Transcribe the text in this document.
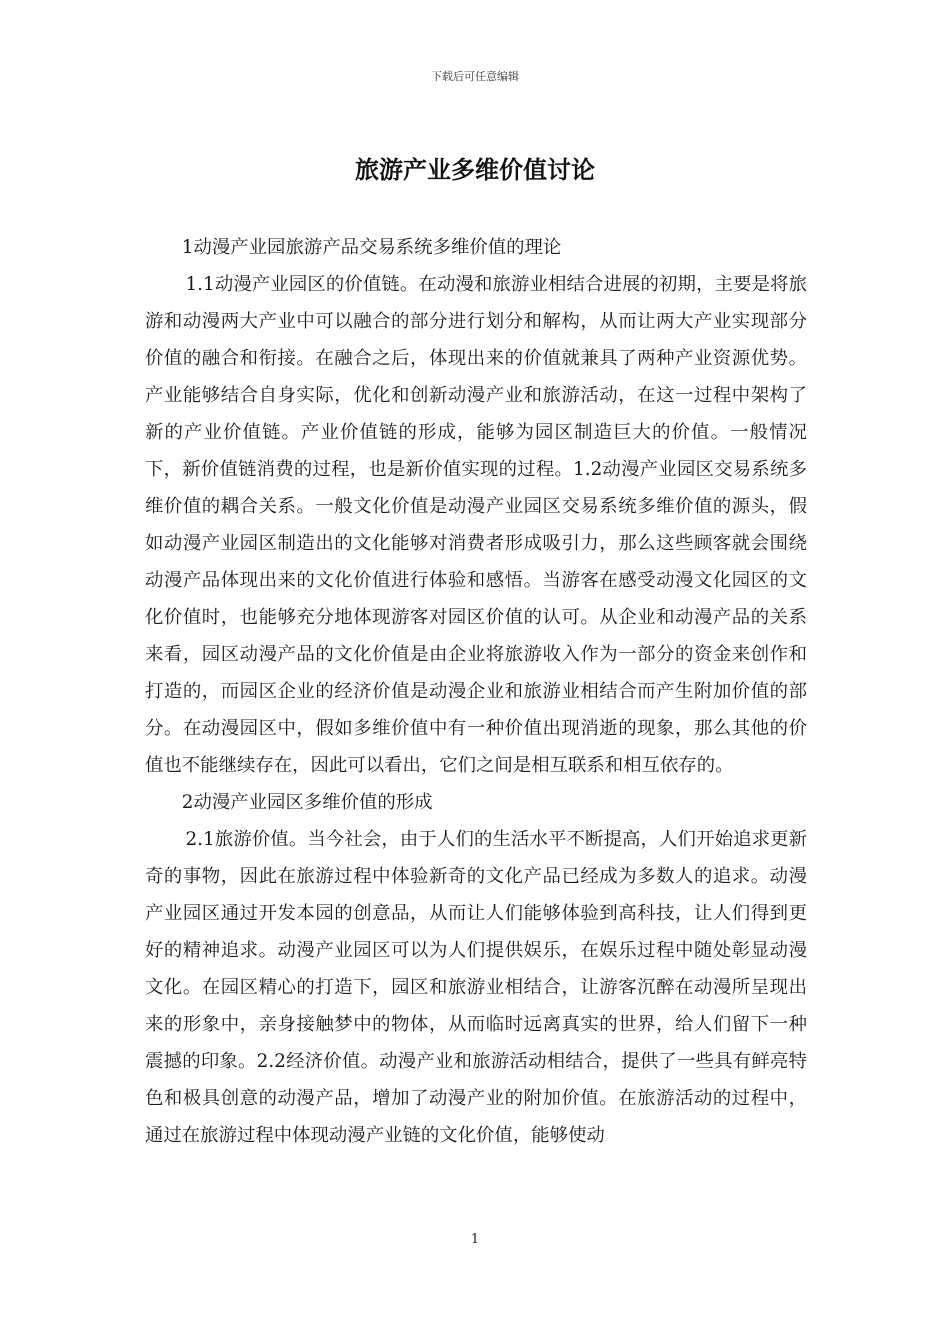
下载后可任意编辑
旅游产业多维价值讨论

1动漫产业园旅游产品交易系统多维价值的理论

1.1动漫产业园区的价值链。在动漫和旅游业相结合进展的初期，主要是将旅游和动漫两大产业中可以融合的部分进行划分和解构，从而让两大产业实现部分价值的融合和衔接。在融合之后，体现出来的价值就兼具了两种产业资源优势。产业能够结合自身实际，优化和创新动漫产业和旅游活动，在这一过程中架构了新的产业价值链。产业价值链的形成，能够为园区制造巨大的价值。一般情况下，新价值链消费的过程，也是新价值实现的过程。1.2动漫产业园区交易系统多维价值的耦合关系。一般文化价值是动漫产业园区交易系统多维价值的源头，假如动漫产业园区制造出的文化能够对消费者形成吸引力，那么这些顾客就会围绕动漫产品体现出来的文化价值进行体验和感悟。当游客在感受动漫文化园区的文化价值时，也能够充分地体现游客对园区价值的认可。从企业和动漫产品的关系来看，园区动漫产品的文化价值是由企业将旅游收入作为一部分的资金来创作和打造的，而园区企业的经济价值是动漫企业和旅游业相结合而产生附加价值的部分。在动漫园区中，假如多维价值中有一种价值出现消逝的现象，那么其他的价值也不能继续存在，因此可以看出，它们之间是相互联系和相互依存的。

2动漫产业园区多维价值的形成

2.1旅游价值。当今社会，由于人们的生活水平不断提高，人们开始追求更新奇的事物，因此在旅游过程中体验新奇的文化产品已经成为多数人的追求。动漫产业园区通过开发本园的创意品，从而让人们能够体验到高科技，让人们得到更好的精神追求。动漫产业园区可以为人们提供娱乐，在娱乐过程中随处彰显动漫文化。在园区精心的打造下，园区和旅游业相结合，让游客沉醉在动漫所呈现出来的形象中，亲身接触梦中的物体，从而临时远离真实的世界，给人们留下一种震撼的印象。2.2经济价值。动漫产业和旅游活动相结合，提供了一些具有鲜亮特色和极具创意的动漫产品，增加了动漫产业的附加价值。在旅游活动的过程中，通过在旅游过程中体现动漫产业链的文化价值，能够使动

1
